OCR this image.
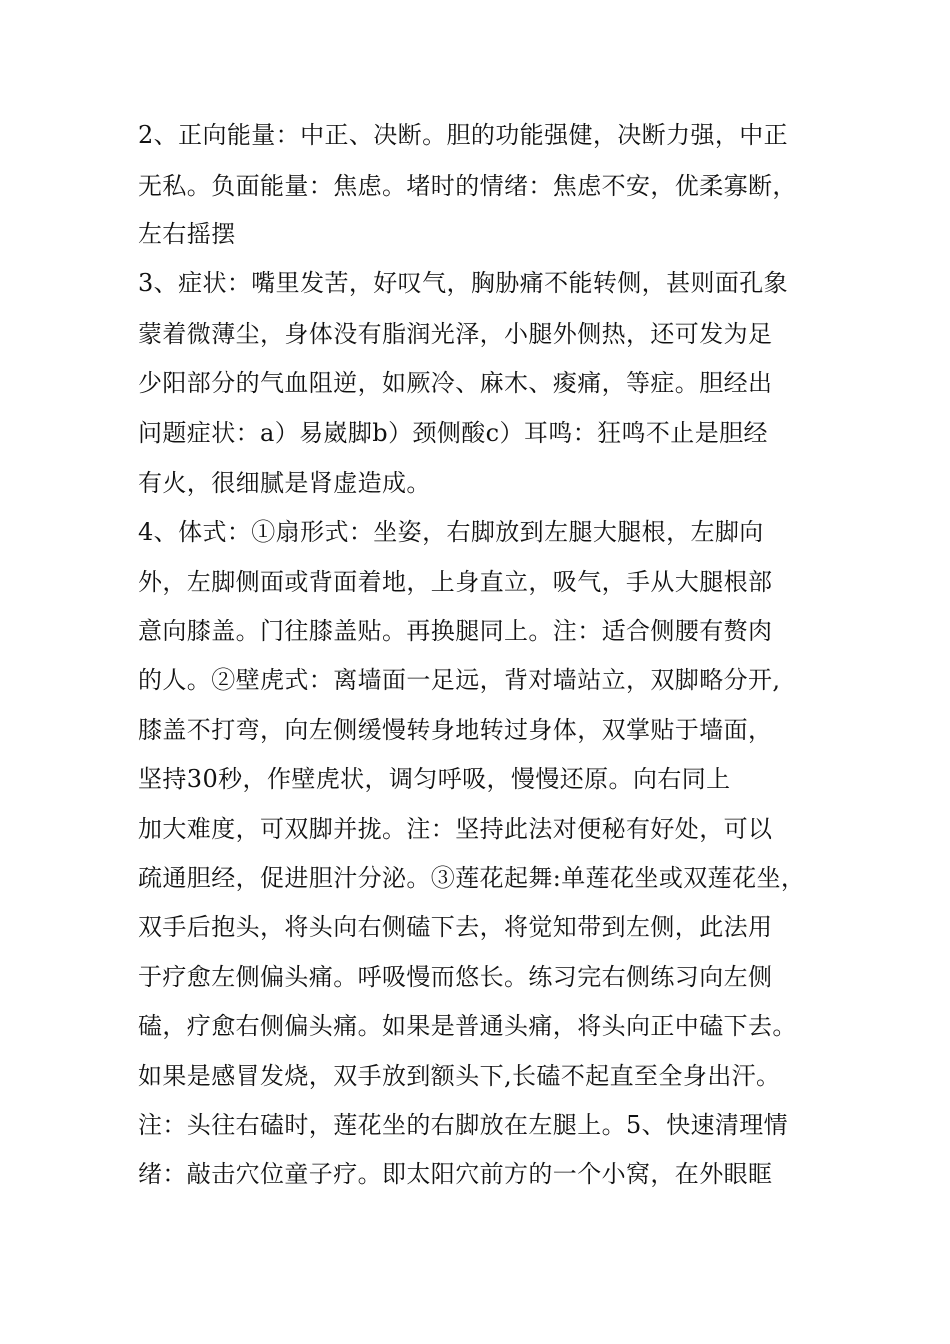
2、正向能量：中正、决断。胆的功能强健，决断力强，中正
无私。负面能量：焦虑。堵时的情绪：焦虑不安，优柔寡断，
左右摇摆
3、症状：嘴里发苦，好叹气，胸胁痛不能转侧，甚则面孔象
蒙着微薄尘，身体没有脂润光泽，小腿外侧热，还可发为足
少阳部分的气血阻逆，如厥冷、麻木、痠痛，等症。胆经出
问题症状：a）易崴脚b）颈侧酸c）耳鸣：狂鸣不止是胆经
有火，很细腻是肾虚造成。
4、体式：①扇形式：坐姿，右脚放到左腿大腿根，左脚向
外，左脚侧面或背面着地，上身直立，吸气，手从大腿根部
意向膝盖。门往膝盖贴。再换腿同上。注：适合侧腰有赘肉
的人。②壁虎式：离墙面一足远，背对墙站立，双脚略分开,
膝盖不打弯，向左侧缓慢转身地转过身体，双掌贴于墙面，
坚持30秒，作壁虎状，调匀呼吸，慢慢还原。向右同上
加大难度，可双脚并拢。注：坚持此法对便秘有好处，可以
疏通胆经，促进胆汁分泌。③莲花起舞:单莲花坐或双莲花坐，
双手后抱头，将头向右侧磕下去，将觉知带到左侧，此法用
于疗愈左侧偏头痛。呼吸慢而悠长。练习完右侧练习向左侧
磕，疗愈右侧偏头痛。如果是普通头痛，将头向正中磕下去。
如果是感冒发烧，双手放到额头下,长磕不起直至全身出汗。
注：头往右磕时，莲花坐的右脚放在左腿上。5、快速清理情
绪：敲击穴位童子疗。即太阳穴前方的一个小窝，在外眼眶
